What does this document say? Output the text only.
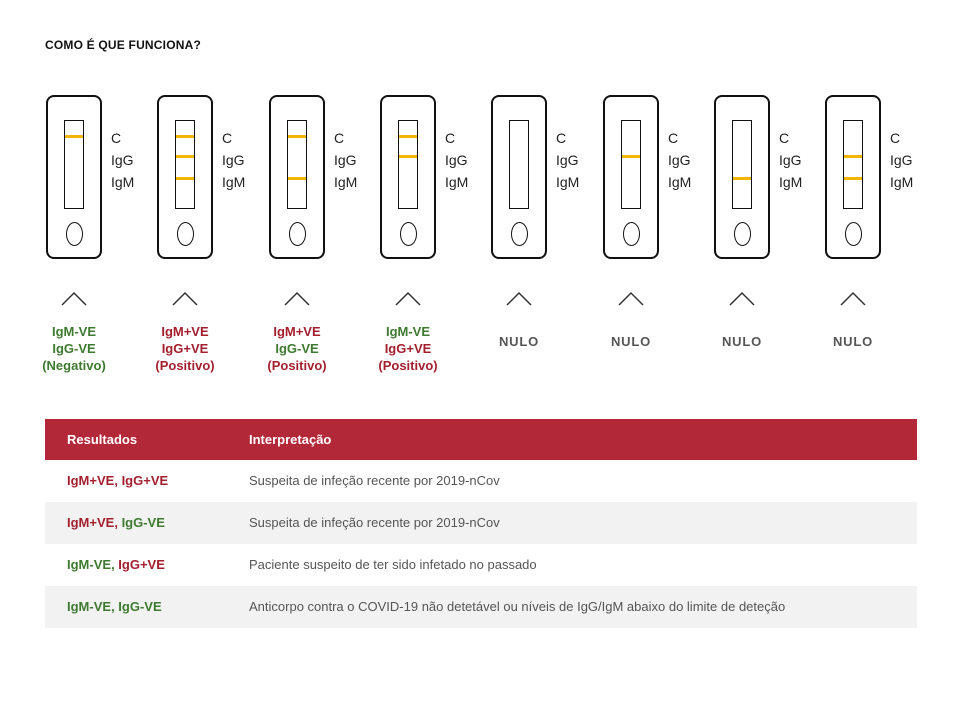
COMO É QUE FUNCIONA?
C
IgG
IgM
IgM-VE
IgG-VE
(Negativo)
C
IgG
IgM
IgM+VE
IgG+VE
(Positivo)
C
IgG
IgM
IgM+VE
IgG-VE
(Positivo)
C
IgG
IgM
IgM-VE
IgG+VE
(Positivo)
C
IgG
IgM
NULO
C
IgG
IgM
NULO
C
IgG
IgM
NULO
C
IgG
IgM
NULO
Resultados	Interpretação
IgM+VE, IgG+VE	Suspeita de infeção recente por 2019-nCov
IgM+VE, IgG-VE	Suspeita de infeção recente por 2019-nCov
IgM-VE, IgG+VE	Paciente suspeito de ter sido infetado no passado
IgM-VE, IgG-VE	Anticorpo contra o COVID-19 não detetável ou níveis de IgG/IgM abaixo do limite de deteção
